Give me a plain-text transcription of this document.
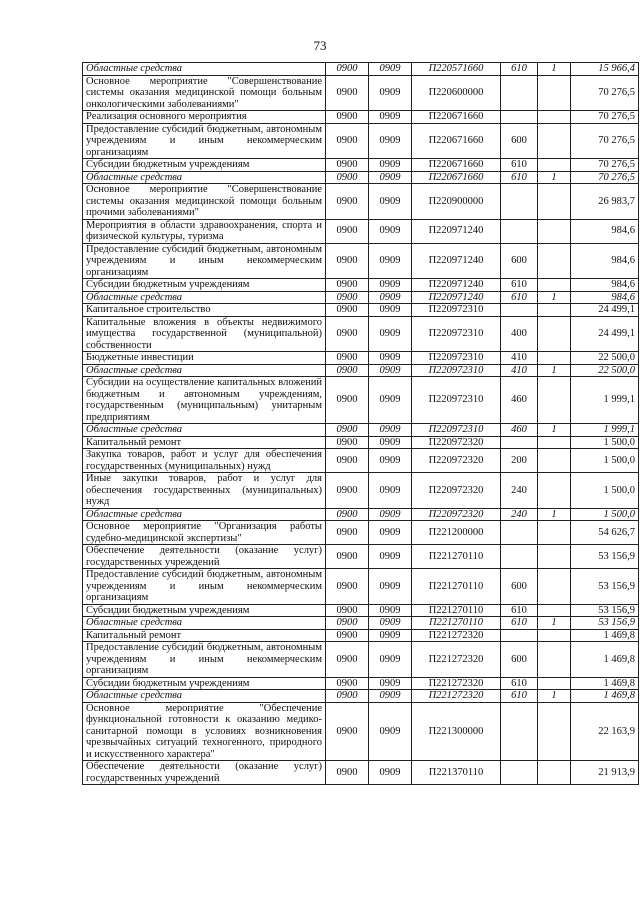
73
Областные средства	0900	0909	П220571660	610	1	15 966,4
Основное мероприятие "Совершенствование системы оказания медицинской помощи больным онкологическими заболеваниями"	0900	0909	П220600000			70 276,5
Реализация основного мероприятия	0900	0909	П220671660			70 276,5
Предоставление субсидий бюджетным, автономным учреждениям и иным некоммерческим организациям	0900	0909	П220671660	600		70 276,5
Субсидии бюджетным учреждениям	0900	0909	П220671660	610		70 276,5
Областные средства	0900	0909	П220671660	610	1	70 276,5
Основное мероприятие "Совершенствование системы оказания медицинской помощи больным прочими заболеваниями"	0900	0909	П220900000			26 983,7
Мероприятия в области здравоохранения, спорта и физической культуры, туризма	0900	0909	П220971240			984,6
Предоставление субсидий бюджетным, автономным учреждениям и иным некоммерческим организациям	0900	0909	П220971240	600		984,6
Субсидии бюджетным учреждениям	0900	0909	П220971240	610		984,6
Областные средства	0900	0909	П220971240	610	1	984,6
Капитальное строительство	0900	0909	П220972310			24 499,1
Капитальные вложения в объекты недвижимого имущества государственной (муниципальной) собственности	0900	0909	П220972310	400		24 499,1
Бюджетные инвестиции	0900	0909	П220972310	410		22 500,0
Областные средства	0900	0909	П220972310	410	1	22 500,0
Субсидии на осуществление капитальных вложений бюджетным и автономным учреждениям, государственным (муниципальным) унитарным предприятиям	0900	0909	П220972310	460		1 999,1
Областные средства	0900	0909	П220972310	460	1	1 999,1
Капитальный ремонт	0900	0909	П220972320			1 500,0
Закупка товаров, работ и услуг для обеспечения государственных (муниципальных) нужд	0900	0909	П220972320	200		1 500,0
Иные закупки товаров, работ и услуг для обеспечения государственных (муниципальных) нужд	0900	0909	П220972320	240		1 500,0
Областные средства	0900	0909	П220972320	240	1	1 500,0
Основное мероприятие "Организация работы судебно-медицинской экспертизы"	0900	0909	П221200000			54 626,7
Обеспечение деятельности (оказание услуг) государственных учреждений	0900	0909	П221270110			53 156,9
Предоставление субсидий бюджетным, автономным учреждениям и иным некоммерческим организациям	0900	0909	П221270110	600		53 156,9
Субсидии бюджетным учреждениям	0900	0909	П221270110	610		53 156,9
Областные средства	0900	0909	П221270110	610	1	53 156,9
Капитальный ремонт	0900	0909	П221272320			1 469,8
Предоставление субсидий бюджетным, автономным учреждениям и иным некоммерческим организациям	0900	0909	П221272320	600		1 469,8
Субсидии бюджетным учреждениям	0900	0909	П221272320	610		1 469,8
Областные средства	0900	0909	П221272320	610	1	1 469,8
Основное мероприятие "Обеспечение функциональной готовности к оказанию медико-санитарной помощи в условиях возникновения чрезвычайных ситуаций техногенного, природного и искусственного характера"	0900	0909	П221300000			22 163,9
Обеспечение деятельности (оказание услуг) государственных учреждений	0900	0909	П221370110			21 913,9
